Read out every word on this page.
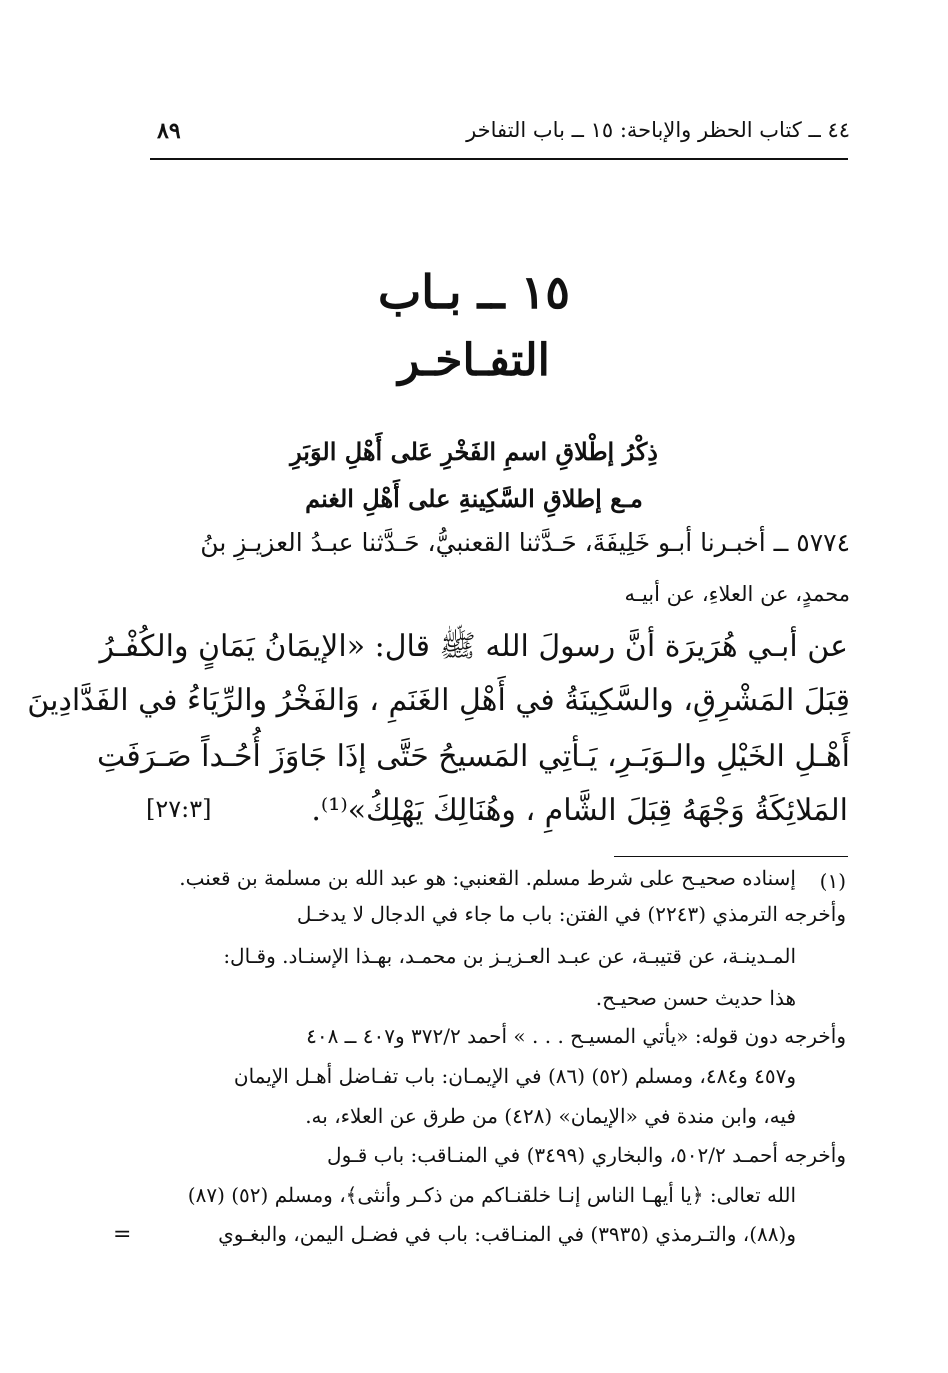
٤٤ ــ كتاب الحظر والإباحة: ١٥ ــ باب التفاخر
٨٩
١٥ ــ بـاب
التفـاخـر
ذِكْرُ إطْلاقِ اسمِ الفَخْرِ عَلى أَهْلِ الوَبَرِ
مـع إطلاقِ السَّكِينةِ على أَهْلِ الغنم
٥٧٧٤ ــ أخبـرنا أبـو خَلِيفَةَ، حَـدَّثنا القعنبيُّ، حَـدَّثنا عبـدُ العزيـزِ بنُ
محمدٍ، عن العلاءِ، عن أبيـه
عن أبـي هُرَيرَة أنَّ رسولَ الله ﷺ قال: «الإيمَانُ يَمَانٍ والكُفْـرُ
قِبَلَ المَشْرِقِ، والسَّكِينَةُ في أَهْلِ الغَنَمِ ، وَالفَخْرُ والرِّيَاءُ في الفَدَّادِينَ
أَهْـلِ الخَيْلِ والـوَبَـرِ، يَـأتِي المَسيحُ حَتَّى إذَا جَاوَزَ أُحُـداً صَـرَفَتِ
المَلائِكَةُ وَجْهَهُ قِبَلَ الشَّامِ ، وهُنَالِكَ يَهْلِكُ»⁽¹⁾.
[٢٧:٣]
(١)
إسناده صحيـح على شرط مسلم. القعنبي: هو عبد الله بن مسلمة بن قعنب.
وأخرجه الترمذي (٢٢٤٣) في الفتن: باب ما جاء في الدجال لا يدخـل
المـدينـة، عن قتيبـة، عن عبـد العـزيـز بن محمـد، بهـذا الإسنـاد. وقـال:
هذا حديث حسن صحيـح.
وأخرجه دون قوله: «يأتي المسيـح . . . » أحمد ٣٧٢/٢ و٤٠٧ ــ ٤٠٨
و٤٥٧ و٤٨٤، ومسلم (٥٢) (٨٦) في الإيمـان: باب تفـاضل أهـل الإيمان
فيه، وابن مندة في «الإيمان» (٤٢٨) من طرق عن العلاء، به.
وأخرجه أحمـد ٥٠٢/٢، والبخاري (٣٤٩٩) في المنـاقب: باب قـول
الله تعالى: ﴿يا أيهـا الناس إنـا خلقنـاكم من ذكـر وأنثى﴾، ومسلم (٥٢) (٨٧)
و(٨٨)، والتـرمذي (٣٩٣٥) في المنـاقب: باب في فضـل اليمن، والبغـوي
=
